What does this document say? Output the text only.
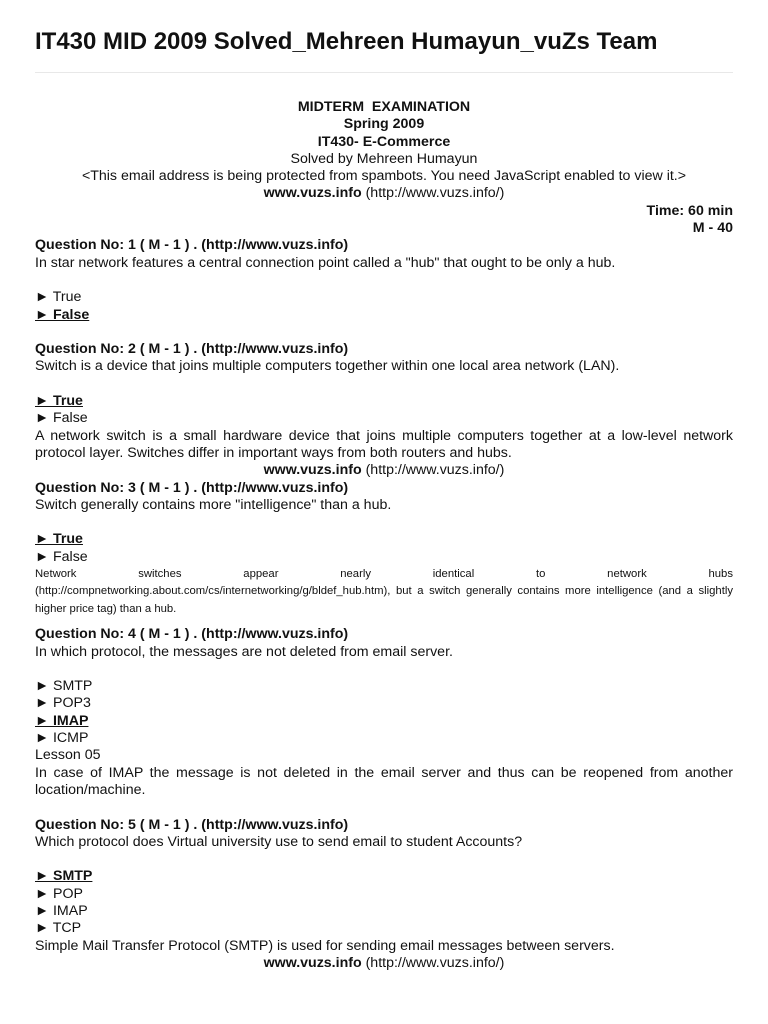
IT430 MID 2009 Solved_Mehreen Humayun_vuZs Team
MIDTERM  EXAMINATION
Spring 2009
IT430- E-Commerce
Solved by Mehreen Humayun
<This email address is being protected from spambots. You need JavaScript enabled to view it.>
www.vuzs.info (http://www.vuzs.info/)
Time: 60 min
M - 40
Question No: 1 ( M - 1 ) . (http://www.vuzs.info)
In star network features a central connection point called a "hub" that ought to be only a hub.
► True
► False
Question No: 2 ( M - 1 ) . (http://www.vuzs.info)
Switch is a device that joins multiple computers together within one local area network (LAN).
► True
► False
A network switch is a small hardware device that joins multiple computers together at a low-level network protocol layer. Switches differ in important ways from both routers and hubs.
www.vuzs.info (http://www.vuzs.info/)
Question No: 3 ( M - 1 ) . (http://www.vuzs.info)
Switch generally contains more "intelligence" than a hub.
► True
► False
Network switches appear nearly identical to network hubs
(http://compnetworking.about.com/cs/internetworking/g/bldef_hub.htm), but a switch generally contains more intelligence (and a slightly higher price tag) than a hub.
Question No: 4 ( M - 1 ) . (http://www.vuzs.info)
In which protocol, the messages are not deleted from email server.
► SMTP
► POP3
► IMAP
► ICMP
Lesson 05
In case of IMAP the message is not deleted in the email server and thus can be reopened from another location/machine.
Question No: 5 ( M - 1 ) . (http://www.vuzs.info)
Which protocol does Virtual university use to send email to student Accounts?
► SMTP
► POP
► IMAP
► TCP
Simple Mail Transfer Protocol (SMTP) is used for sending email messages between servers.
www.vuzs.info (http://www.vuzs.info/)
